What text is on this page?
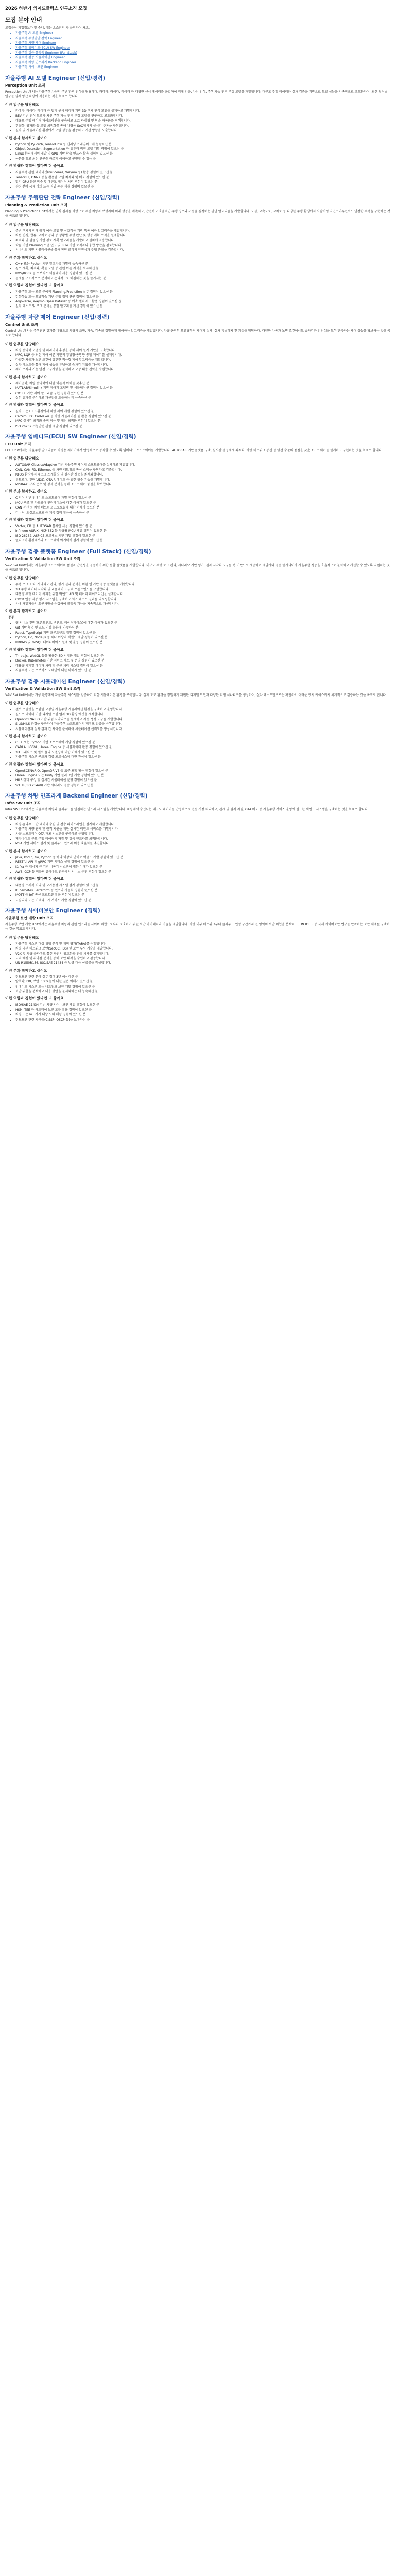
2026 하반기 의이드클럭스 연구소직 모집
모집 분야 안내

모집분야 기업정보가 맞 습니, 채는 요소외의 가 운영하여 채요.

• 자율주행 AI 모델 Engineer
• 자율주행 주행판단 전략 Engineer
• 자율주행 차량 제어 Engineer
• 자율주행 임베디드(ECU) SW Engineer
• 자율주행 검증 플랫폼 Engineer (Full Stack)
• 자율주행 검증 시뮬레이션 Engineer
• 자율주행 차량 인프라계 Backend Engineer
• 자율주행 사이버보안 Engineer
자율주행 AI 모델 Engineer (신입/경력)
Perception Unit 조직

Perception Unit에서는 자율주행 차량의 주변 환경 인식을 담당하며, 카메라, 라이다, 레이더 등 다양한 센서 데이터를 융합하여 객체 검출, 차선 인식, 주행 가능 영역 추정 모델을 개발합니다. 대규모 주행 데이터와 실차 검증을 기반으로 모델 성능을 지속적으로 고도화하며, 최신 딥러닝 연구를 실제 양산 차량에 적용하는 것을 목표로 합니다.

이런 업무를 담당해요
• 카메라, 라이다, 레이더 등 멀티 센서 데이터 기반 3D 객체 인식 모델을 설계하고 개발합니다.
• BEV 기반 인식 모델과 차선·주행 가능 영역 추정 모델을 연구하고 고도화합니다.
• 대규모 주행 데이터 파이프라인을 구축하고 오토 라벨링 및 학습 자동화를 진행합니다.
• 경량화, 양자화 등 모델 최적화를 통해 차량용 SoC에서의 실시간 추론을 구현합니다.
• 실차 및 시뮬레이션 환경에서 모델 성능을 검증하고 개선 방향을 도출합니다.
이런 분과 함께하고 싶어요
• Python 및 PyTorch, TensorFlow 등 딥러닝 프레임워크에 능숙하신 분
• Object Detection, Segmentation 등 컴퓨터 비전 모델 개발 경험이 있으신 분
• Linux 환경에서의 개발 및 GPU 기반 학습 인프라 활용 경험이 있으신 분
• 논문을 읽고 최신 연구를 빠르게 이해하고 구현할 수 있는 분
이런 역량과 경험이 있다면 더 좋아요
• 자율주행 관련 데이터셋(nuScenes, Waymo 등) 활용 경험이 있으신 분
• TensorRT, ONNX 등을 활용한 모델 최적화 및 배포 경험이 있으신 분
• 멀티 GPU 분산 학습 및 대규모 데이터 처리 경험이 있으신 분
• 관련 분야 국제 학회 또는 저널 논문 게재 경험이 있으신 분
자율주행 주행판단 전략 Engineer (신입/경력)
Planning & Prediction Unit 조직

Planning & Prediction Unit에서는 인식 결과를 바탕으로 주변 차량과 보행자의 미래 행동을 예측하고, 안전하고 효율적인 주행 경로와 거동을 결정하는 판단 알고리즘을 개발합니다. 도심, 고속도로, 교차로 등 다양한 주행 환경에서 사람처럼 자연스러우면서도 안전한 주행을 구현하는 것을 목표로 합니다.

이런 업무를 담당해요
• 주변 객체의 미래 궤적 예측 모델 및 상호작용 기반 행동 예측 알고리즘을 개발합니다.
• 차선 변경, 합류, 교차로 통과 등 상황별 주행 판단 및 행동 계획 로직을 설계합니다.
• 최적화 및 샘플링 기반 경로 계획 알고리즘을 개발하고 실차에 적용합니다.
• 학습 기반 Planning 모델 연구 및 Rule 기반 로직과의 융합 방안을 검토합니다.
• 시나리오 기반 시뮬레이션을 통해 판단 로직의 안전성과 주행 품질을 검증합니다.
이런 분과 함께하고 싶어요
• C++ 또는 Python 기반 알고리즘 개발에 능숙하신 분
• 경로 계획, 최적화, 확률 모델 등 관련 이론 지식을 보유하신 분
• ROS/ROS2 등 로보틱스 미들웨어 사용 경험이 있으신 분
• 문제를 구조적으로 분석하고 논리적으로 해결하는 것을 즐기시는 분
이런 역량과 경험이 있다면 더 좋아요
• 자율주행 또는 로봇 분야의 Planning/Prediction 실무 경험이 있으신 분
• 강화학습 또는 모방학습 기반 주행 정책 연구 경험이 있으신 분
• Argoverse, Waymo Open Dataset 등 예측 벤치마크 활용 경험이 있으신 분
• 실차 테스트 및 로그 분석을 통한 알고리즘 개선 경험이 있으신 분
자율주행 차량 제어 Engineer (신입/경력)
Control Unit 조직

Control Unit에서는 주행판단 결과를 바탕으로 차량의 조향, 가속, 감속을 정밀하게 제어하는 알고리즘을 개발합니다. 차량 동역학 모델링부터 제어기 설계, 실차 튜닝까지 전 과정을 담당하며, 다양한 차종과 노면 조건에서도 승차감과 안전성을 모두 만족하는 제어 성능을 확보하는 것을 목표로 합니다.

이런 업무를 담당해요
• 차량 동역학 모델링 및 파라미터 추정을 통해 제어 설계 기반을 구축합니다.
• MPC, LQR 등 최신 제어 이론 기반의 횡방향·종방향 통합 제어기를 설계합니다.
• 다양한 차종과 노면 조건에 강건한 적응형 제어 알고리즘을 개발합니다.
• 실차 테스트를 통해 제어 성능을 튜닝하고 승차감 지표를 개선합니다.
• 제어 로직의 기능 안전 요구사항을 분석하고 고장 대응 전략을 수립합니다.
이런 분과 함께하고 싶어요
• 제어공학, 차량 동역학에 대한 이론적 이해를 갖추신 분
• MATLAB/Simulink 기반 제어기 모델링 및 시뮬레이션 경험이 있으신 분
• C/C++ 기반 제어 알고리즘 구현 경험이 있으신 분
• 실험 결과를 분석하고 개선점을 도출하는 데 능숙하신 분
이런 역량과 경험이 있다면 더 좋아요
• 실차 또는 HILS 환경에서 차량 제어 개발 경험이 있으신 분
• CarSim, IPG CarMaker 등 차량 시뮬레이션 툴 활용 경험이 있으신 분
• MPC 실시간 최적화 솔버 적용 및 계산 최적화 경험이 있으신 분
• ISO 26262 기능안전 관련 개발 경험이 있으신 분
자율주행 임베디드(ECU) SW Engineer (신입/경력)
ECU Unit 조직

ECU Unit에서는 자율주행 알고리즘이 차량용 제어기에서 안정적으로 동작할 수 있도록 임베디드 소프트웨어를 개발합니다. AUTOSAR 기반 플랫폼 구축, 실시간 운영체제 최적화, 차량 네트워크 통신 등 양산 수준의 품질을 갖춘 소프트웨어를 설계하고 구현하는 것을 목표로 합니다.

이런 업무를 담당해요
• AUTOSAR Classic/Adaptive 기반 자율주행 제어기 소프트웨어를 설계하고 개발합니다.
• CAN, CAN-FD, Ethernet 등 차량 네트워크 통신 스택을 구현하고 검증합니다.
• RTOS 환경에서 태스크 스케줄링 및 실시간 성능을 최적화합니다.
• 부트로더, 진단(UDS), OTA 업데이트 등 양산 필수 기능을 개발합니다.
• MISRA-C 규칙 준수 및 정적 분석을 통해 소프트웨어 품질을 확보합니다.
이런 분과 함께하고 싶어요
• C 언어 기반 임베디드 소프트웨어 개발 경험이 있으신 분
• MCU 구조 및 하드웨어 인터페이스에 대한 이해가 있으신 분
• CAN 통신 등 차량 네트워크 프로토콜에 대한 이해가 있으신 분
• 디버거, 오실로스코프 등 계측 장비 활용에 능숙하신 분
이런 역량과 경험이 있다면 더 좋아요
• Vector, EB 등 AUTOSAR 툴체인 사용 경험이 있으신 분
• Infineon AURIX, NXP S32 등 차량용 MCU 개발 경험이 있으신 분
• ISO 26262, ASPICE 프로세스 기반 개발 경험이 있으신 분
• 멀티코어 환경에서의 소프트웨어 아키텍처 설계 경험이 있으신 분
자율주행 검증 플랫폼 Engineer (Full Stack) (신입/경력)
Verification & Validation SW Unit 조직

V&V SW Unit에서는 자율주행 소프트웨어의 품질과 안전성을 검증하기 위한 통합 플랫폼을 개발합니다. 대규모 주행 로그 관리, 시나리오 기반 평가, 결과 시각화 도구를 웹 기반으로 제공하여 개발자와 검증 엔지니어가 자율주행 성능을 효율적으로 분석하고 개선할 수 있도록 지원하는 것을 목표로 합니다.

이런 업무를 담당해요
• 주행 로그 조회, 시나리오 관리, 평가 결과 분석을 위한 웹 기반 검증 플랫폼을 개발합니다.
• 3D 주행 데이터 시각화 및 리플레이 도구의 프론트엔드를 구현합니다.
• 대용량 주행 데이터 처리를 위한 백엔드 API 및 데이터 파이프라인을 설계합니다.
• CI/CD 연동 자동 평가 시스템을 구축하고 회귀 테스트 결과를 리포팅합니다.
• 사내 개발자들의 요구사항을 수집하여 플랫폼 기능을 지속적으로 개선합니다.
이런 분과 함께하고 싶어요
공통
• 웹 서비스 전반(프론트엔드, 백엔드, 데이터베이스)에 대한 이해가 있으신 분
• Git 기반 협업 및 코드 리뷰 문화에 익숙하신 분
• React, TypeScript 기반 프론트엔드 개발 경험이 있으신 분
• Python, Go, Node.js 중 하나 이상의 백엔드 개발 경험이 있으신 분
• RDBMS 및 NoSQL 데이터베이스 설계 및 운영 경험이 있으신 분
이런 역량과 경험이 있다면 더 좋아요
• Three.js, WebGL 등을 활용한 3D 시각화 개발 경험이 있으신 분
• Docker, Kubernetes 기반 서비스 배포 및 운영 경험이 있으신 분
• 대용량 시계열 데이터 처리 및 분산 처리 시스템 경험이 있으신 분
• 자율주행 또는 로보틱스 도메인에 대한 이해가 있으신 분
자율주행 검증 시뮬레이션 Engineer (신입/경력)
Verification & Validation SW Unit 조직

V&V SW Unit에서는 가상 환경에서 자율주행 시스템을 검증하기 위한 시뮬레이션 환경을 구축합니다. 실제 도로 환경을 정밀하게 재현한 디지털 트윈과 다양한 위험 시나리오를 생성하여, 실차 테스트만으로는 확인하기 어려운 엣지 케이스까지 체계적으로 검증하는 것을 목표로 합니다.

이런 업무를 담당해요
• 센서 모델링을 포함한 고정밀 자율주행 시뮬레이션 환경을 구축하고 운영합니다.
• 실도로 데이터 기반 디지털 트윈 맵과 3D 환경 에셋을 제작합니다.
• OpenSCENARIO 기반 위험 시나리오를 설계하고 자동 생성 도구를 개발합니다.
• SILS/HILS 환경을 구축하여 자율주행 소프트웨어의 폐루프 검증을 수행합니다.
• 시뮬레이션과 실차 결과 간 차이를 분석하여 시뮬레이션 신뢰도를 향상시킵니다.
이런 분과 함께하고 싶어요
• C++ 또는 Python 기반 소프트웨어 개발 경험이 있으신 분
• CARLA, LGSVL, Unreal Engine 등 시뮬레이터 활용 경험이 있으신 분
• 3D 그래픽스 및 센서 물리 모델링에 대한 이해가 있으신 분
• 자율주행 시스템 구조와 검증 프로세스에 대한 관심이 있으신 분
이런 역량과 경험이 있다면 더 좋아요
• OpenSCENARIO, OpenDRIVE 등 표준 포맷 활용 경험이 있으신 분
• Unreal Engine 또는 Unity 기반 플러그인 개발 경험이 있으신 분
• HILS 장비 구성 및 실시간 시뮬레이션 운영 경험이 있으신 분
• SOTIF(ISO 21448) 기반 시나리오 검증 경험이 있으신 분
자율주행 차량 인프라계 Backend Engineer (신입/경력)
Infra SW Unit 조직

Infra SW Unit에서는 자율주행 차량과 클라우드를 연결하는 인프라 시스템을 개발합니다. 차량에서 수집되는 대규모 데이터를 안정적으로 전송·저장·처리하고, 관제 및 원격 지원, OTA 배포 등 자율주행 서비스 운영에 필요한 백엔드 시스템을 구축하는 것을 목표로 합니다.

이런 업무를 담당해요
• 차량-클라우드 간 데이터 수집 및 전송 파이프라인을 설계하고 개발합니다.
• 자율주행 차량 관제 및 원격 지원을 위한 실시간 백엔드 서비스를 개발합니다.
• 차량 소프트웨어 OTA 배포 시스템을 구축하고 운영합니다.
• 페타바이트 규모 주행 데이터의 저장 및 검색 인프라를 최적화합니다.
• MSA 기반 서비스 설계 및 클라우드 인프라 비용 효율화를 추진합니다.
이런 분과 함께하고 싶어요
• Java, Kotlin, Go, Python 중 하나 이상의 언어로 백엔드 개발 경험이 있으신 분
• RESTful API 및 gRPC 기반 서비스 설계 경험이 있으신 분
• Kafka 등 메시지 큐 기반 비동기 시스템에 대한 이해가 있으신 분
• AWS, GCP 등 퍼블릭 클라우드 환경에서 서비스 운영 경험이 있으신 분
이런 역량과 경험이 있다면 더 좋아요
• 대용량 트래픽 처리 및 고가용성 시스템 설계 경험이 있으신 분
• Kubernetes, Terraform 등 인프라 자동화 경험이 있으신 분
• MQTT 등 IoT 통신 프로토콜 활용 경험이 있으신 분
• 모빌리티 또는 커넥티드카 서비스 개발 경험이 있으신 분
자율주행 사이버보안 Engineer (경력)
자율주행 보안 개발 Unit 조직

자율주행 보안 개발 Unit에서는 자율주행 차량과 관련 인프라를 사이버 위협으로부터 보호하기 위한 보안 아키텍처와 기술을 개발합니다. 차량 내부 네트워크부터 클라우드 연동 구간까지 전 영역의 보안 위협을 분석하고, UN R155 등 국제 사이버보안 법규를 만족하는 보안 체계를 구축하는 것을 목표로 합니다.

이런 업무를 담당해요
• 자율주행 시스템 대상 위협 분석 및 위험 평가(TARA)를 수행합니다.
• 차량 내부 네트워크 보안(SecOC, IDS) 및 보안 부팅 기술을 개발합니다.
• V2X 및 차량-클라우드 통신 구간의 암호화와 인증 체계를 설계합니다.
• 모의 해킹 및 취약점 분석을 통해 보안 대책을 수립하고 검증합니다.
• UN R155/R156, ISO/SAE 21434 등 법규 대응 산출물을 작성합니다.
이런 분과 함께하고 싶어요
• 정보보안 관련 분야 실무 경력 3년 이상이신 분
• 암호학, PKI, 보안 프로토콜에 대한 깊은 이해가 있으신 분
• 임베디드 시스템 또는 네트워크 보안 개발 경험이 있으신 분
• 보안 위협을 분석하고 대응 방안을 문서화하는 데 능숙하신 분
이런 역량과 경험이 있다면 더 좋아요
• ISO/SAE 21434 기반 차량 사이버보안 개발 경험이 있으신 분
• HSM, TEE 등 하드웨어 보안 모듈 활용 경험이 있으신 분
• 차량 또는 IoT 기기 대상 모의 해킹 경험이 있으신 분
• 정보보안 관련 자격증(CISSP, OSCP 등)을 보유하신 분
